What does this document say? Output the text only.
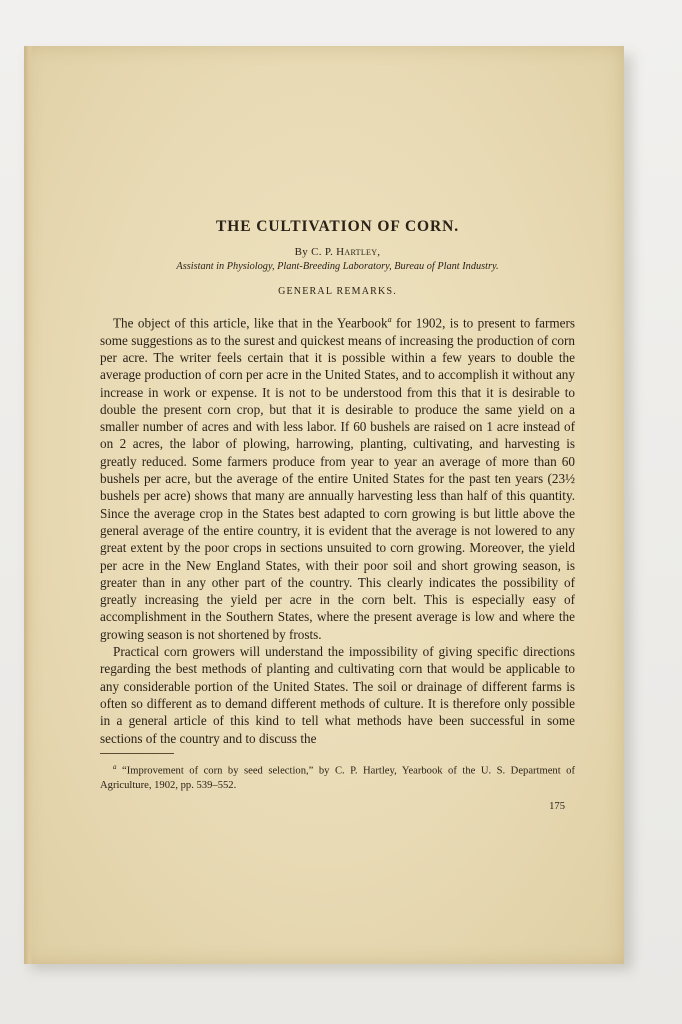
THE CULTIVATION OF CORN.

By C. P. Hartley,

Assistant in Physiology, Plant-Breeding Laboratory, Bureau of Plant Industry.

GENERAL REMARKS.

The object of this article, like that in the Yearbook$^a$ for 1902, is to present to farmers some suggestions as to the surest and quickest means of increasing the production of corn per acre. The writer feels certain that it is possible within a few years to double the average production of corn per acre in the United States, and to accomplish it without any increase in work or expense. It is not to be understood from this that it is desirable to double the present corn crop, but that it is desirable to produce the same yield on a smaller number of acres and with less labor. If 60 bushels are raised on 1 acre instead of on 2 acres, the labor of plowing, harrowing, planting, cultivating, and harvesting is greatly reduced. Some farmers produce from year to year an average of more than 60 bushels per acre, but the average of the entire United States for the past ten years (23½ bushels per acre) shows that many are annually harvesting less than half of this quantity. Since the average crop in the States best adapted to corn growing is but little above the general average of the entire country, it is evident that the average is not lowered to any great extent by the poor crops in sections unsuited to corn growing. Moreover, the yield per acre in the New England States, with their poor soil and short growing season, is greater than in any other part of the country. This clearly indicates the possibility of greatly increasing the yield per acre in the corn belt. This is especially easy of accomplishment in the Southern States, where the present average is low and where the growing season is not shortened by frosts.

Practical corn growers will understand the impossibility of giving specific directions regarding the best methods of planting and cultivating corn that would be applicable to any considerable portion of the United States. The soil or drainage of different farms is often so different as to demand different methods of culture. It is therefore only possible in a general article of this kind to tell what methods have been successful in some sections of the country and to discuss the

$^a$ “Improvement of corn by seed selection,” by C. P. Hartley, Yearbook of the U. S. Department of Agriculture, 1902, pp. 539–552.

175
